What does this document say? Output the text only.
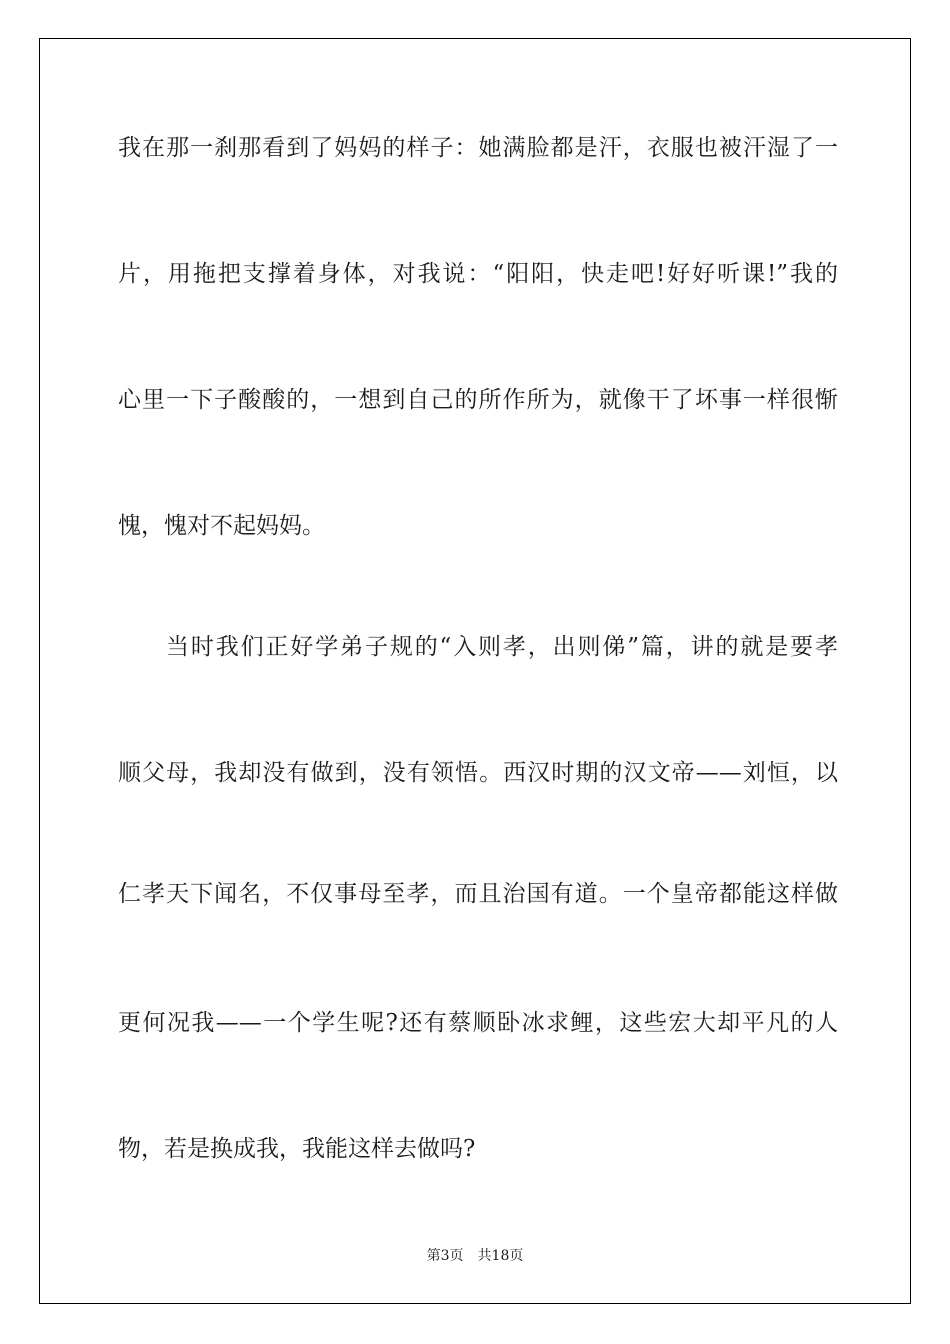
我在那一刹那看到了妈妈的样子：她满脸都是汗，衣服也被汗湿了一
片，用拖把支撑着身体，对我说：“阳阳，快走吧!好好听课!”我的
心里一下子酸酸的，一想到自己的所作所为，就像干了坏事一样很惭
愧，愧对不起妈妈。
当时我们正好学弟子规的“入则孝，出则俤”篇，讲的就是要孝
顺父母，我却没有做到，没有领悟。西汉时期的汉文帝——刘恒，以
仁孝天下闻名，不仅事母至孝，而且治国有道。一个皇帝都能这样做
更何况我——一个学生呢?还有蔡顺卧冰求鲤，这些宏大却平凡的人
物，若是换成我，我能这样去做吗?
第3页 共18页
